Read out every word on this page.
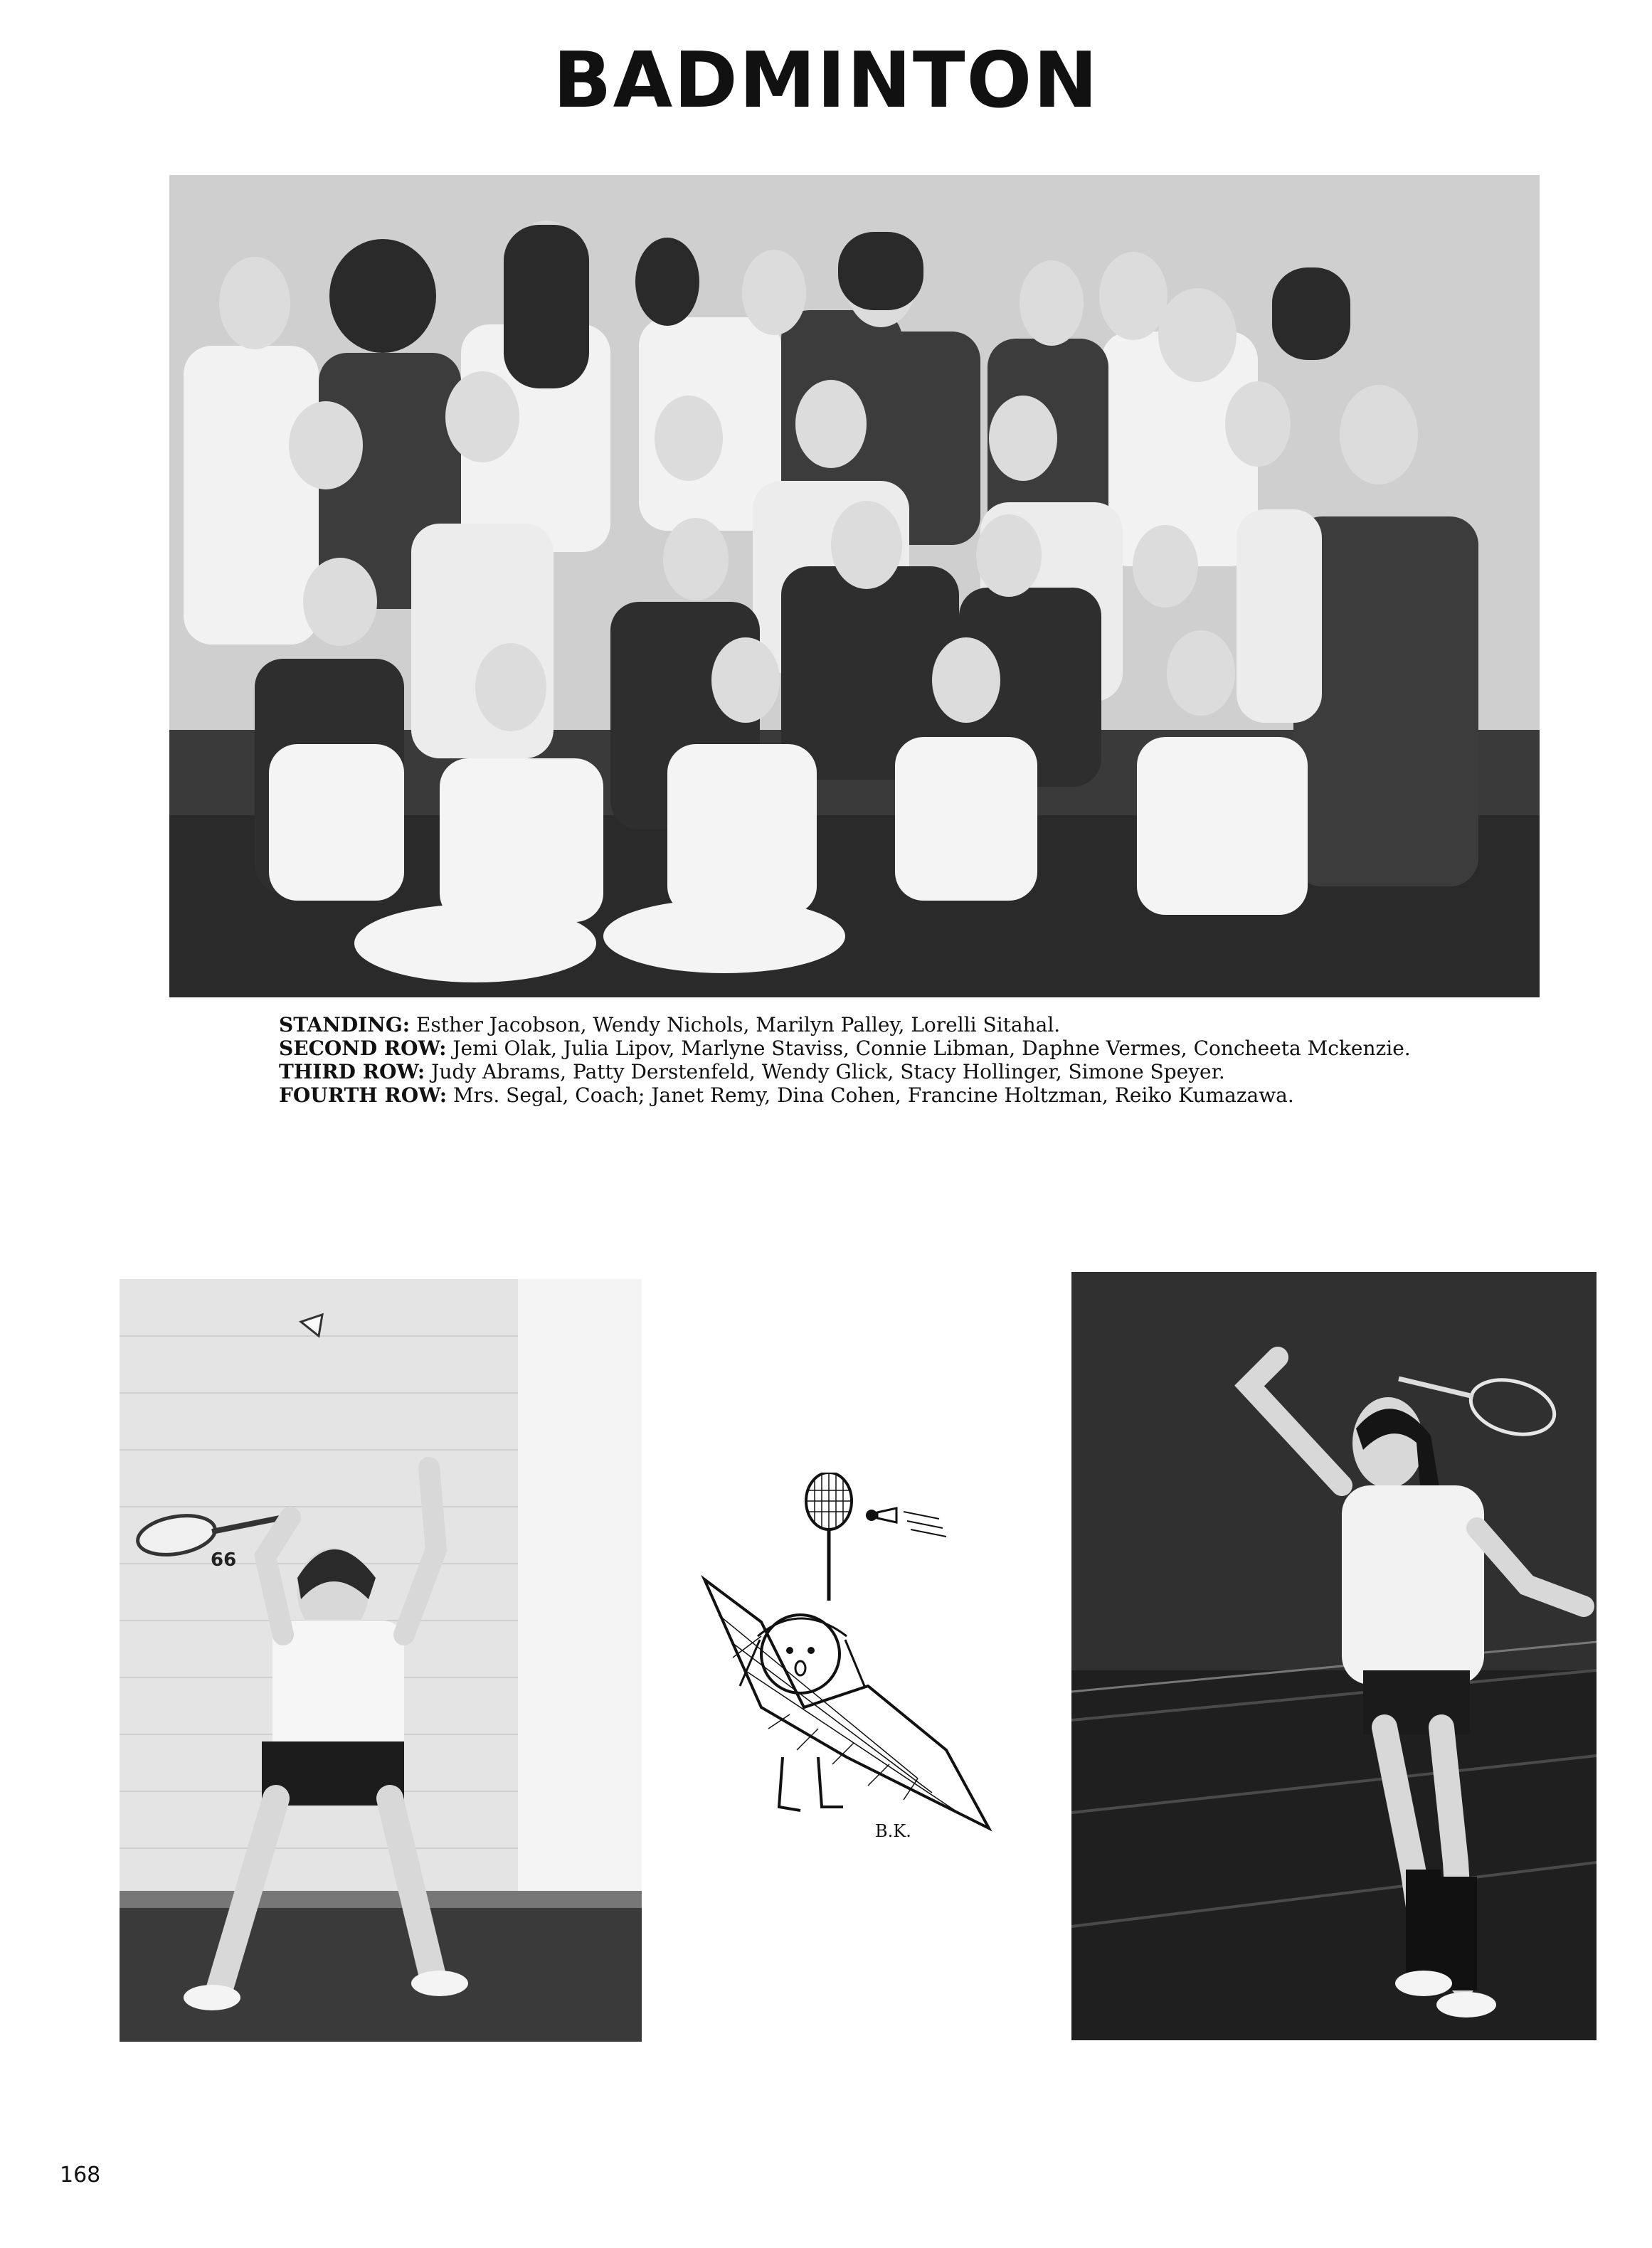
BADMINTON
STANDING: Esther Jacobson, Wendy Nichols, Marilyn Palley, Lorelli Sitahal.
SECOND ROW: Jemi Olak, Julia Lipov, Marlyne Staviss, Connie Libman, Daphne Vermes, Concheeta Mckenzie.
THIRD ROW: Judy Abrams, Patty Derstenfeld, Wendy Glick, Stacy Hollinger, Simone Speyer.
FOURTH ROW: Mrs. Segal, Coach; Janet Remy, Dina Cohen, Francine Holtzman, Reiko Kumazawa.
66
B.K.
168
